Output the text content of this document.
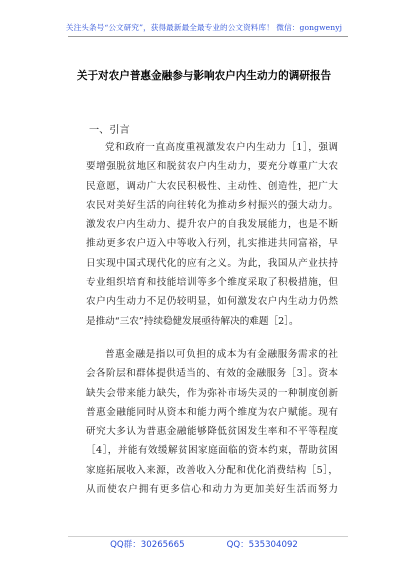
关注头条号“公文研究”，获得最新最全最专业的公文资料库！ 微信：gongwenyj
关于对农户普惠金融参与影响农户内生动力的调研报告
一、引言
党和政府一直高度重视激发农户内生动力［1］，强调
要增强脱贫地区和脱贫农户内生动力，要充分尊重广大农
民意愿，调动广大农民积极性、主动性、创造性，把广大
农民对美好生活的向往转化为推动乡村振兴的强大动力。
激发农户内生动力、提升农户的自我发展能力，也是不断
推动更多农户迈入中等收入行列，扎实推进共同富裕，早
日实现中国式现代化的应有之义。为此，我国从产业扶持
专业组织培育和技能培训等多个维度采取了积极措施，但
农户内生动力不足仍较明显，如何激发农户内生动力仍然
是推动“三农”持续稳健发展亟待解决的难题［2］。
普惠金融是指以可负担的成本为有金融服务需求的社
会各阶层和群体提供适当的、有效的金融服务［3］。资本
缺失会带来能力缺失，作为弥补市场失灵的一种制度创新
普惠金融能同时从资本和能力两个维度为农户赋能。现有
研究大多认为普惠金融能够降低贫困发生率和不平等程度
［4］，并能有效缓解贫困家庭面临的资本约束，帮助贫困
家庭拓展收入来源，改善收入分配和优化消费结构［5］，
从而使农户拥有更多信心和动力为更加美好生活而努力
QQ群：30265665	QQ：535304092
